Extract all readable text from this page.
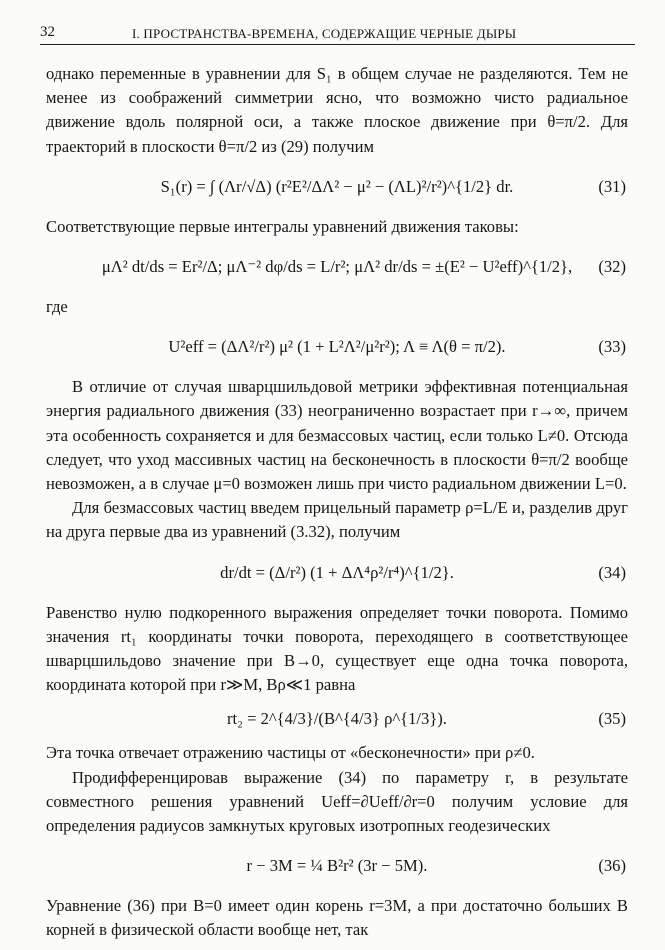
32	I. ПРОСТРАНСТВА-ВРЕМЕНА, СОДЕРЖАЩИЕ ЧЕРНЫЕ ДЫРЫ

однако переменные в уравнении для S₁ в общем случае не разделяются. Тем не менее из соображений симметрии ясно, что возможно чисто радиальное движение вдоль полярной оси, а также плоское движение при θ=π/2. Для траекторий в плоскости θ=π/2 из (29) получим

S₁(r) = ∫ (Λr/√Δ) (r²E²/ΔΛ² − μ² − (ΛL)²/r²)^{1/2} dr.	(31)

Соответствующие первые интегралы уравнений движения таковы:

μΛ² dt/ds = Er²/Δ; μΛ⁻² dφ/ds = L/r²; μΛ² dr/ds = ±(E² − U²eff)^{1/2}, (32)

где

U²eff = (ΔΛ²/r²) μ² (1 + L²Λ²/μ²r²); Λ ≡ Λ(θ = π/2).	(33)

В отличие от случая шварцшильдовой метрики эффективная потенциальная энергия радиального движения (33) неограниченно возрастает при r→∞, причем эта особенность сохраняется и для безмассовых частиц, если только L≠0. Отсюда следует, что уход массивных частиц на бесконечность в плоскости θ=π/2 вообще невозможен, а в случае μ=0 возможен лишь при чисто радиальном движении L=0.

Для безмассовых частиц введем прицельный параметр ρ=L/E и, разделив друг на друга первые два из уравнений (3.32), получим

dr/dt = (Δ/r²) (1 + ΔΛ⁴ρ²/r⁴)^{1/2}.	(34)

Равенство нулю подкоренного выражения определяет точки поворота. Помимо значения rt₁ координаты точки поворота, переходящего в соответствующее шварцшильдово значение при B→0, существует еще одна точка поворота, координата которой при r≫M, Bρ≪1 равна

rt₂ = 2^{4/3}/(B^{4/3} ρ^{1/3}).	(35)

Эта точка отвечает отражению частицы от «бесконечности» при ρ≠0.

Продифференцировав выражение (34) по параметру r, в результате совместного решения уравнений Ueff=∂Ueff/∂r=0 получим условие для определения радиусов замкнутых круговых изотропных геодезических

r − 3M = ¼ B²r² (3r − 5M).	(36)

Уравнение (36) при B=0 имеет один корень r=3M, а при достаточно больших B корней в физической области вообще нет, так
